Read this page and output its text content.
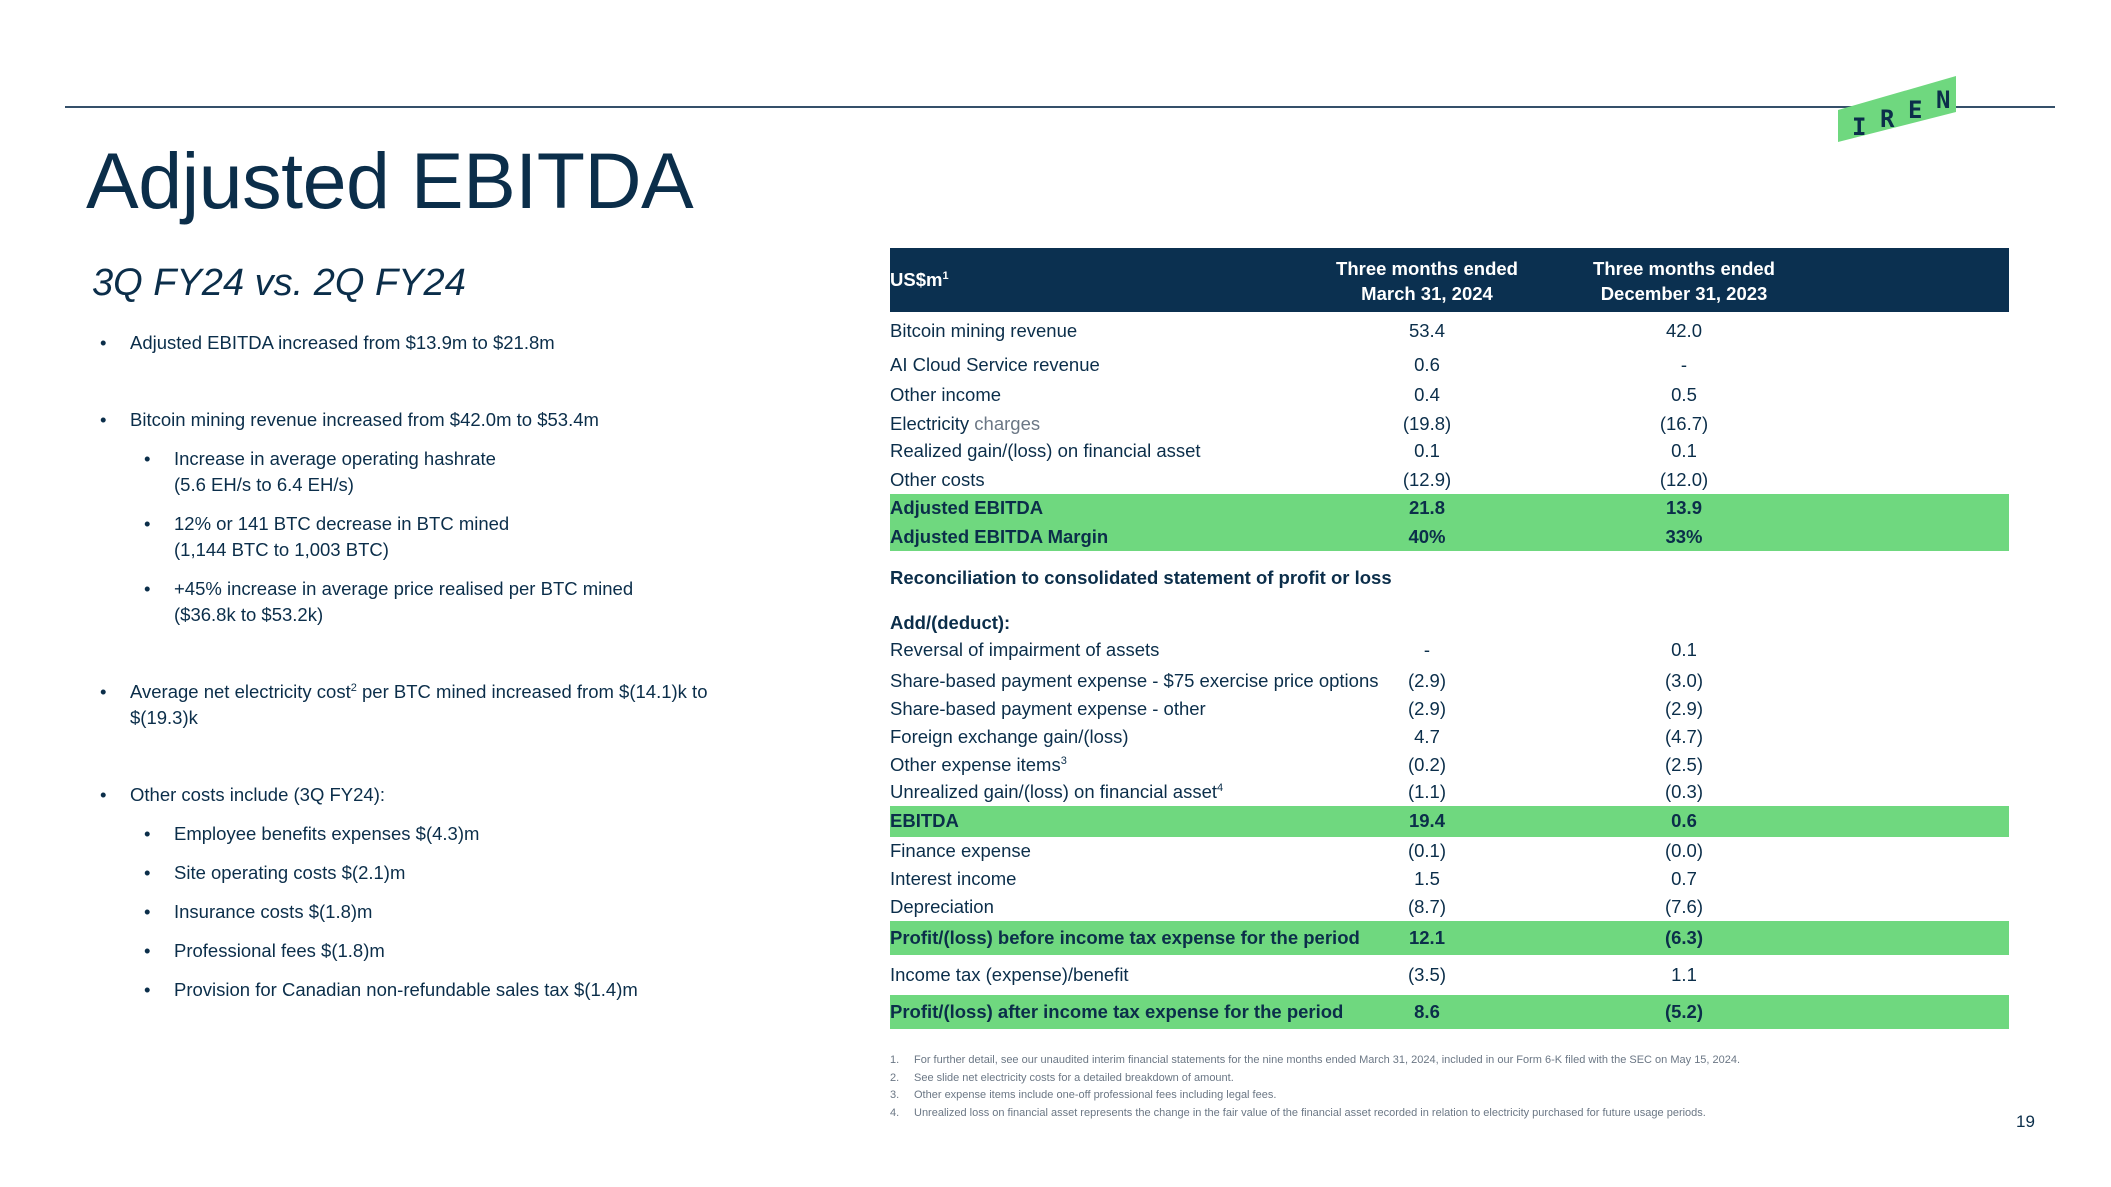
I R E N
Adjusted EBITDA
3Q FY24 vs. 2Q FY24
• Adjusted EBITDA increased from $13.9m to $21.8m
• Bitcoin mining revenue increased from $42.0m to $53.4m
• Increase in average operating hashrate
(5.6 EH/s to 6.4 EH/s)
• 12% or 141 BTC decrease in BTC mined
(1,144 BTC to 1,003 BTC)
• +45% increase in average price realised per BTC mined
($36.8k to $53.2k)
• Average net electricity cost$^2$ per BTC mined increased from $(14.1)k to
$(19.3)k
• Other costs include (3Q FY24):
• Employee benefits expenses $(4.3)m
• Site operating costs $(2.1)m
• Insurance costs $(1.8)m
• Professional fees $(1.8)m
• Provision for Canadian non-refundable sales tax $(1.4)m
$US\$m^1$	Three months ended
March 31, 2024
Three months ended
December 31, 2023
Bitcoin mining revenue	53.4	42.0
AI Cloud Service revenue	0.6	-
Other income	0.4	0.5
Electricity charges	(19.8)	(16.7)
Realized gain/(loss) on financial asset	0.1	0.1
Other costs	(12.9)	(12.0)
Adjusted EBITDA	21.8	13.9
Adjusted EBITDA Margin	40%	33%
Reconciliation to consolidated statement of profit or loss
Add/(deduct):
Reversal of impairment of assets	-	0.1
Share-based payment expense - $75 exercise price options	(2.9)	(3.0)
Share-based payment expense - other	(2.9)	(2.9)
Foreign exchange gain/(loss)	4.7	(4.7)
Other expense items$^3$	(0.2)	(2.5)
Unrealized gain/(loss) on financial asset$^4$	(1.1)	(0.3)
EBITDA	19.4	0.6
Finance expense	(0.1)	(0.0)
Interest income	1.5	0.7
Depreciation	(8.7)	(7.6)
Profit/(loss) before income tax expense for the period	12.1	(6.3)
Income tax (expense)/benefit	(3.5)	1.1
Profit/(loss) after income tax expense for the period	8.6	(5.2)
1. For further detail, see our unaudited interim financial statements for the nine months ended March 31, 2024, included in our Form 6-K filed with the SEC on May 15, 2024.
2. See slide net electricity costs for a detailed breakdown of amount.
3. Other expense items include one-off professional fees including legal fees.
4. Unrealized loss on financial asset represents the change in the fair value of the financial asset recorded in relation to electricity purchased for future usage periods.	19
